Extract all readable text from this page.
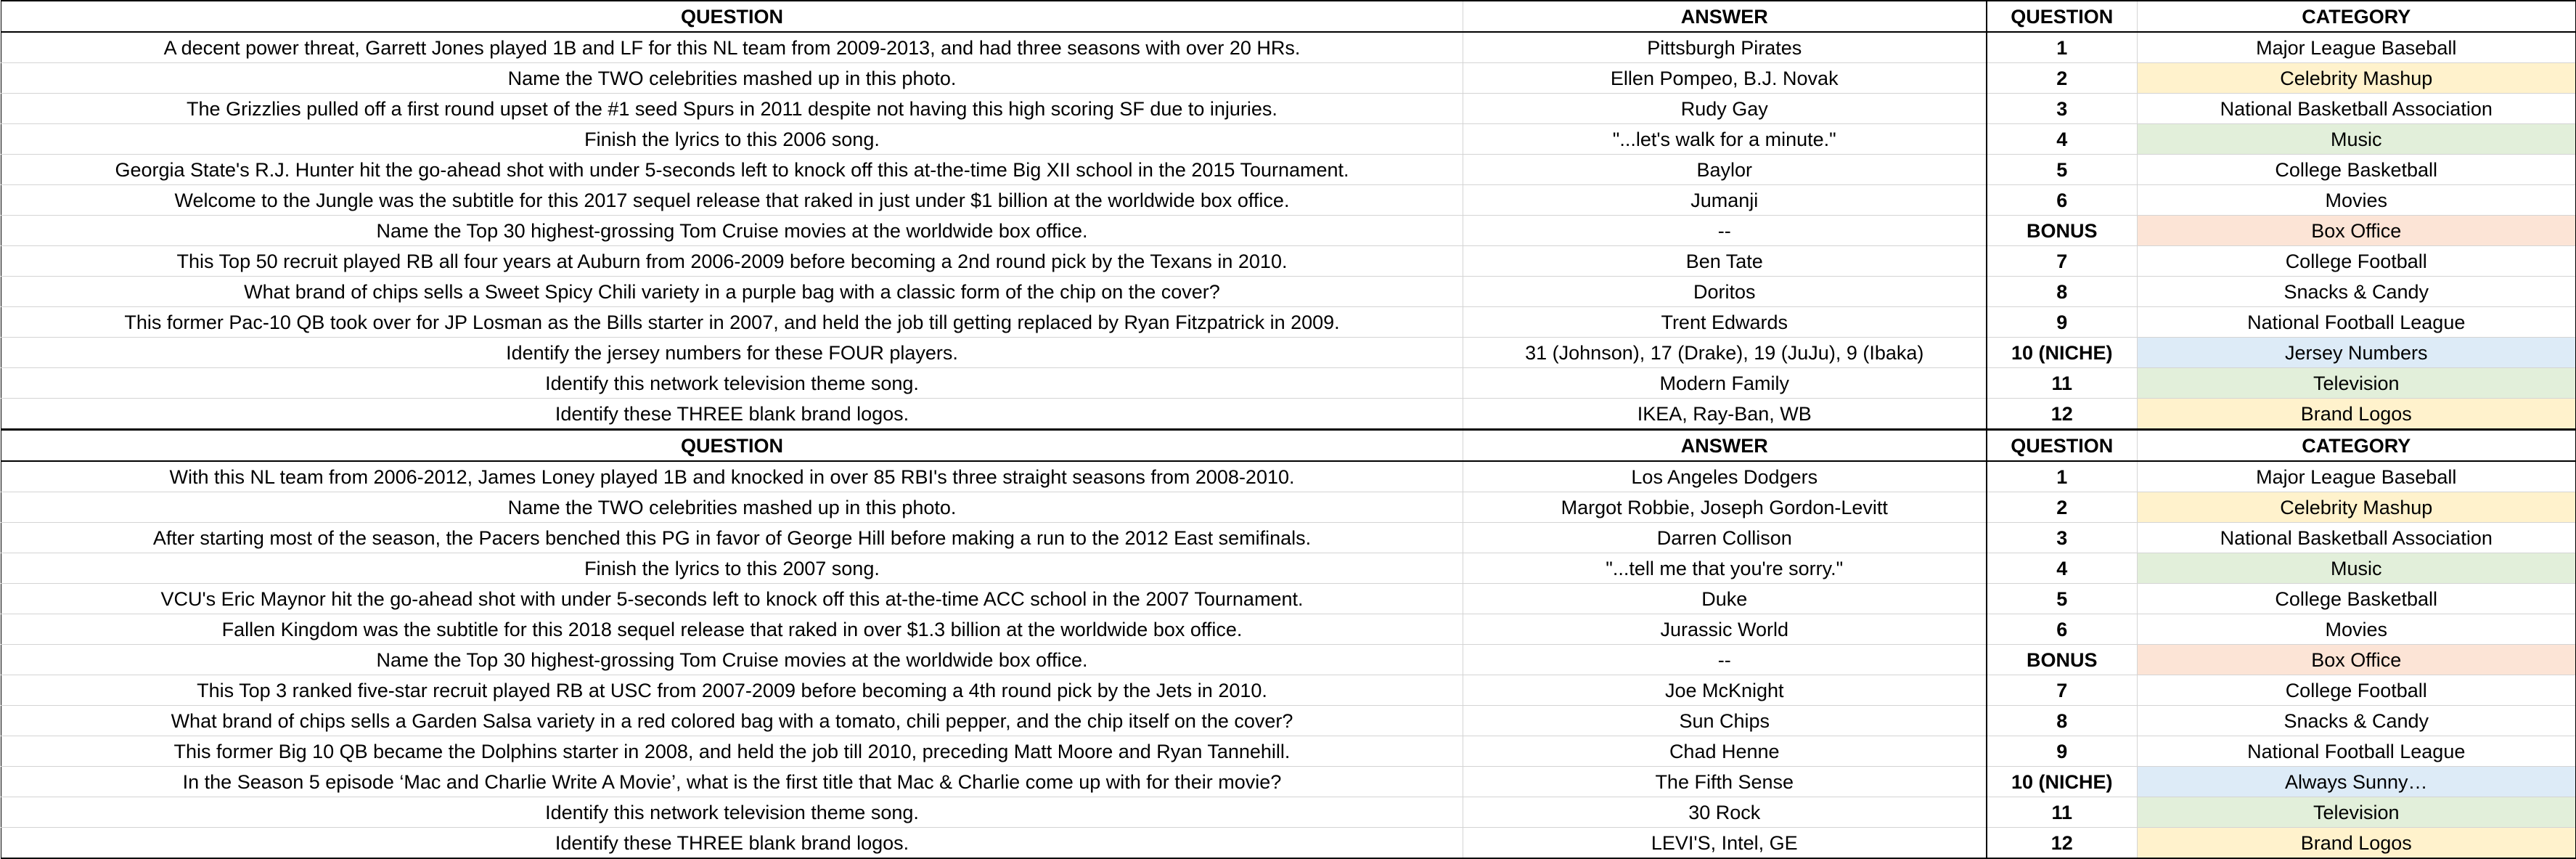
QUESTION	ANSWER	QUESTION	CATEGORY
A decent power threat, Garrett Jones played 1B and LF for this NL team from 2009-2013, and had three seasons with over 20 HRs.	Pittsburgh Pirates	1	Major League Baseball
Name the TWO celebrities mashed up in this photo.	Ellen Pompeo, B.J. Novak	2	Celebrity Mashup
The Grizzlies pulled off a first round upset of the #1 seed Spurs in 2011 despite not having this high scoring SF due to injuries.	Rudy Gay	3	National Basketball Association
Finish the lyrics to this 2006 song.	"...let's walk for a minute."	4	Music
Georgia State's R.J. Hunter hit the go-ahead shot with under 5-seconds left to knock off this at-the-time Big XII school in the 2015 Tournament.	Baylor	5	College Basketball
Welcome to the Jungle was the subtitle for this 2017 sequel release that raked in just under $1 billion at the worldwide box office.	Jumanji	6	Movies
Name the Top 30 highest-grossing Tom Cruise movies at the worldwide box office.	--	BONUS	Box Office
This Top 50 recruit played RB all four years at Auburn from 2006-2009 before becoming a 2nd round pick by the Texans in 2010.	Ben Tate	7	College Football
What brand of chips sells a Sweet Spicy Chili variety in a purple bag with a classic form of the chip on the cover?	Doritos	8	Snacks & Candy
This former Pac-10 QB took over for JP Losman as the Bills starter in 2007, and held the job till getting replaced by Ryan Fitzpatrick in 2009.	Trent Edwards	9	National Football League
Identify the jersey numbers for these FOUR players.	31 (Johnson), 17 (Drake), 19 (JuJu), 9 (Ibaka)	10 (NICHE)	Jersey Numbers
Identify this network television theme song.	Modern Family	11	Television
Identify these THREE blank brand logos.	IKEA, Ray-Ban, WB	12	Brand Logos
QUESTION	ANSWER	QUESTION	CATEGORY
With this NL team from 2006-2012, James Loney played 1B and knocked in over 85 RBI's three straight seasons from 2008-2010.	Los Angeles Dodgers	1	Major League Baseball
Name the TWO celebrities mashed up in this photo.	Margot Robbie, Joseph Gordon-Levitt	2	Celebrity Mashup
After starting most of the season, the Pacers benched this PG in favor of George Hill before making a run to the 2012 East semifinals.	Darren Collison	3	National Basketball Association
Finish the lyrics to this 2007 song.	"...tell me that you're sorry."	4	Music
VCU's Eric Maynor hit the go-ahead shot with under 5-seconds left to knock off this at-the-time ACC school in the 2007 Tournament.	Duke	5	College Basketball
Fallen Kingdom was the subtitle for this 2018 sequel release that raked in over $1.3 billion at the worldwide box office.	Jurassic World	6	Movies
Name the Top 30 highest-grossing Tom Cruise movies at the worldwide box office.	--	BONUS	Box Office
This Top 3 ranked five-star recruit played RB at USC from 2007-2009 before becoming a 4th round pick by the Jets in 2010.	Joe McKnight	7	College Football
What brand of chips sells a Garden Salsa variety in a red colored bag with a tomato, chili pepper, and the chip itself on the cover?	Sun Chips	8	Snacks & Candy
This former Big 10 QB became the Dolphins starter in 2008, and held the job till 2010, preceding Matt Moore and Ryan Tannehill.	Chad Henne	9	National Football League
In the Season 5 episode ‘Mac and Charlie Write A Movie’, what is the first title that Mac & Charlie come up with for their movie?	The Fifth Sense	10 (NICHE)	Always Sunny…
Identify this network television theme song.	30 Rock	11	Television
Identify these THREE blank brand logos.	LEVI'S, Intel, GE	12	Brand Logos
